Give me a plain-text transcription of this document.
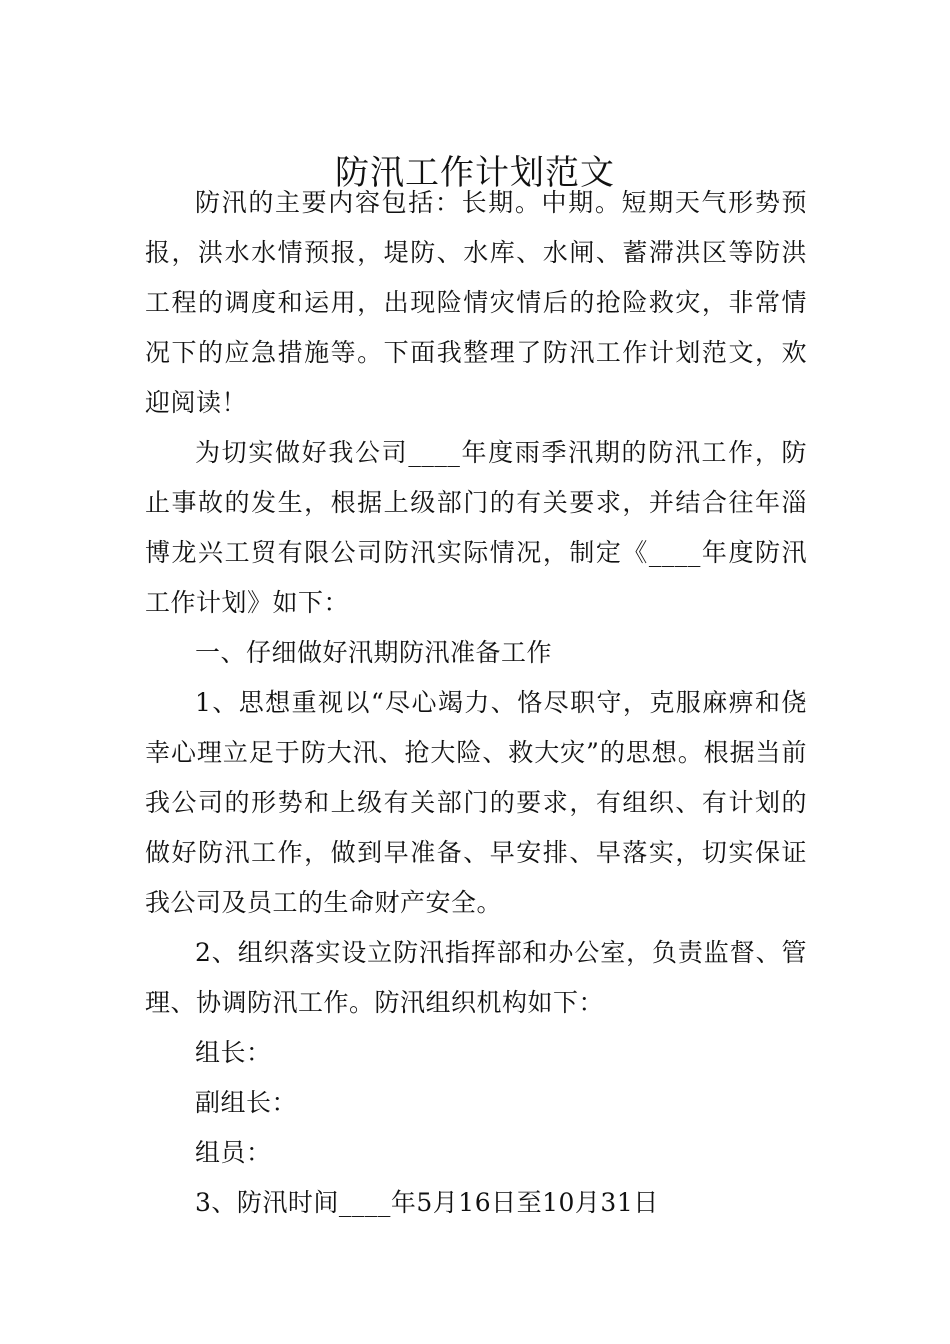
防汛工作计划范文

防汛的主要内容包括：长期。中期。短期天气形势预报，洪水水情预报，堤防、水库、水闸、蓄滞洪区等防洪工程的调度和运用，出现险情灾情后的抢险救灾，非常情况下的应急措施等。下面我整理了防汛工作计划范文，欢迎阅读！

为切实做好我公司____年度雨季汛期的防汛工作，防止事故的发生，根据上级部门的有关要求，并结合往年淄博龙兴工贸有限公司防汛实际情况，制定《____年度防汛工作计划》如下：

一、仔细做好汛期防汛准备工作

1、思想重视以“尽心竭力、恪尽职守，克服麻痹和侥幸心理立足于防大汛、抢大险、救大灾”的思想。根据当前我公司的形势和上级有关部门的要求，有组织、有计划的做好防汛工作，做到早准备、早安排、早落实，切实保证我公司及员工的生命财产安全。

2、组织落实设立防汛指挥部和办公室，负责监督、管理、协调防汛工作。防汛组织机构如下：

组长：

副组长：

组员：

3、防汛时间____年5月16日至10月31日
